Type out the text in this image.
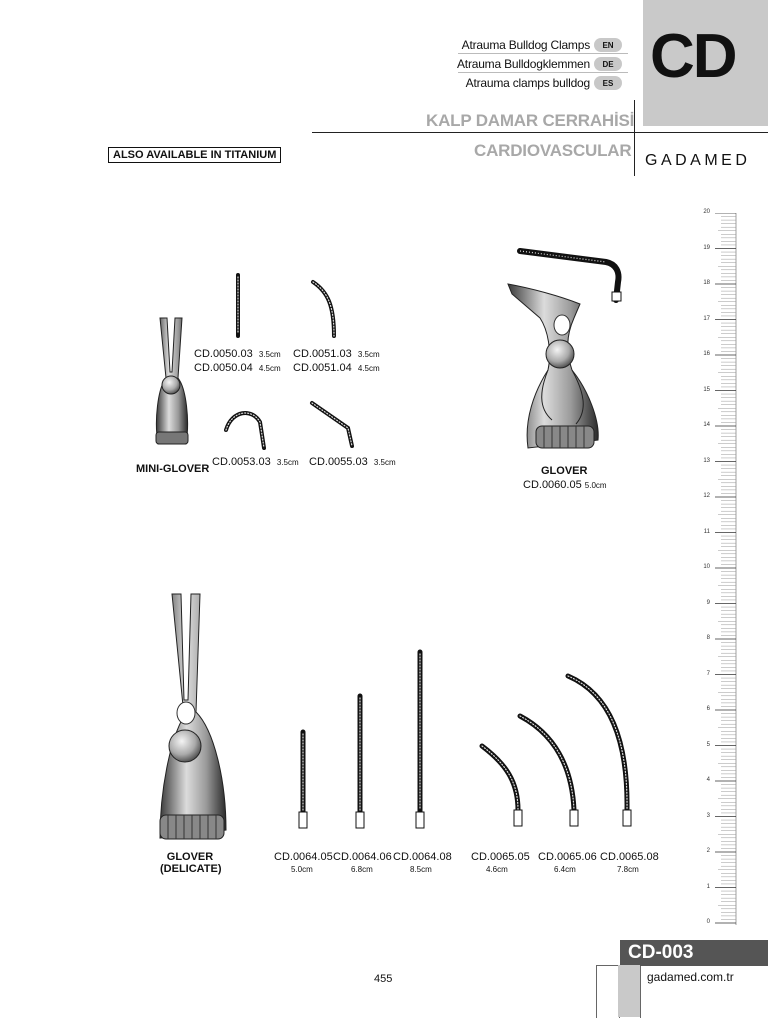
Atrauma Bulldog Clamps	EN
Atrauma Bulldogklemmen	DE
Atrauma clamps bulldog	ES CD
KALP DAMAR CERRAHİSİ
CARDIOVASCULAR
ALSO AVAILABLE IN TITANIUM	GADAMED
CD.0050.03 3.5cm
CD.0050.04 4.5cm
CD.0051.03 3.5cm
CD.0051.04 4.5cm
CD.0053.03 3.5cm CD.0055.03 3.5cm
MINI-GLOVER	GLOVER
CD.0060.05 5.0cm
GLOVER
(DELICATE)
CD.0064.05
5.0cm
CD.0064.06
6.8cm
CD.0064.08
8.5cm
CD.0065.05
4.6cm
CD.0065.06
6.4cm
CD.0065.08
7.8cm
20
19
18
17
16
15
14
13
12
11
10
9
8
7
6
5
4
3
2
1
0
CD-003
gadamed.com.tr
455
